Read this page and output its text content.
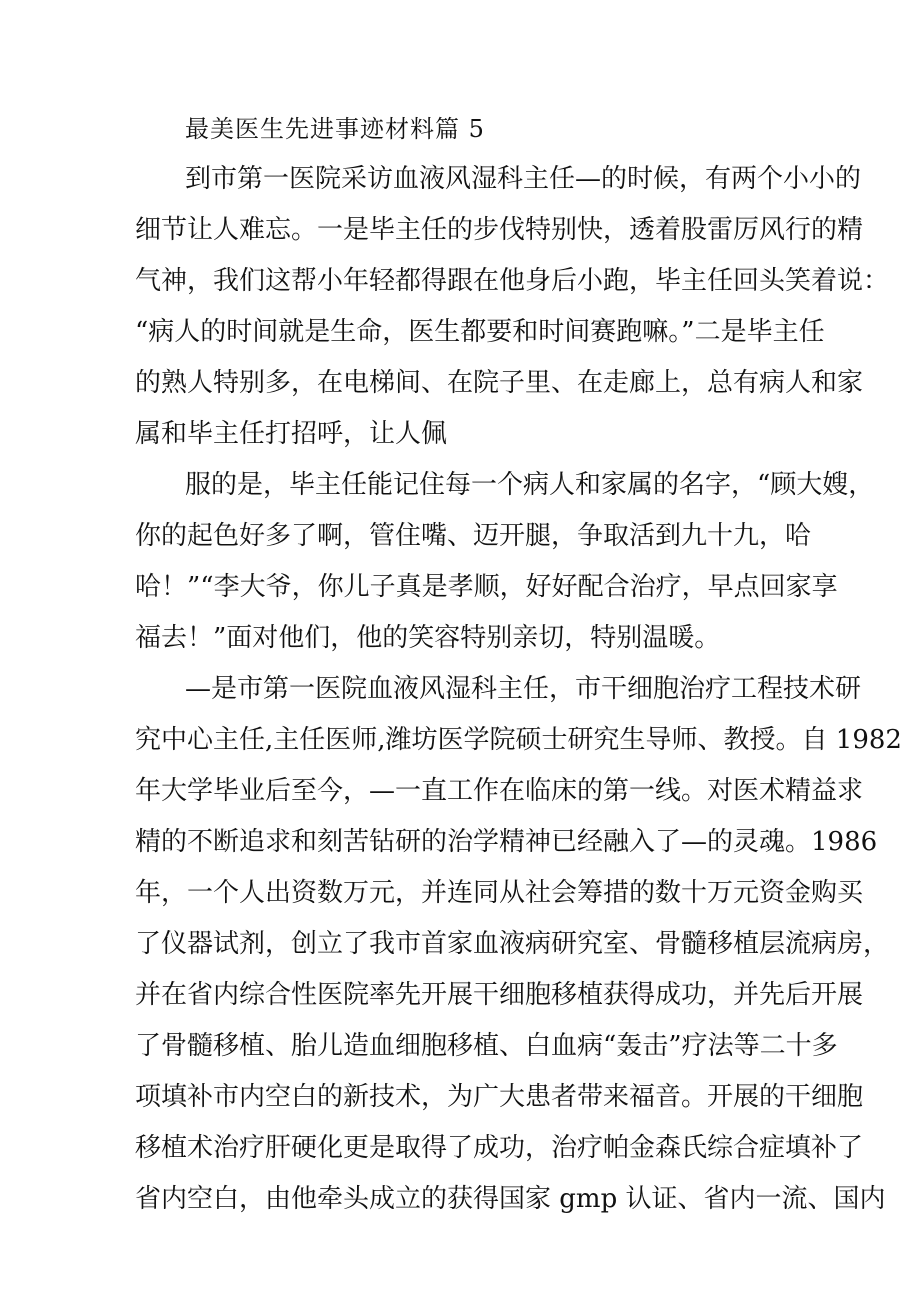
最美医生先进事迹材料篇 5
到市第一医院采访血液风湿科主任—的时候，有两个小小的
细节让人难忘。一是毕主任的步伐特别快，透着股雷厉风行的精
气神，我们这帮小年轻都得跟在他身后小跑，毕主任回头笑着说：
“病人的时间就是生命，医生都要和时间赛跑嘛。”二是毕主任
的熟人特别多，在电梯间、在院子里、在走廊上，总有病人和家
属和毕主任打招呼，让人佩
服的是，毕主任能记住每一个病人和家属的名字，“顾大嫂，
你的起色好多了啊，管住嘴、迈开腿，争取活到九十九，哈
哈！”“李大爷，你儿子真是孝顺，好好配合治疗，早点回家享
福去！”面对他们，他的笑容特别亲切，特别温暖。
—是市第一医院血液风湿科主任，市干细胞治疗工程技术研
究中心主任,主任医师,潍坊医学院硕士研究生导师、教授。自 1982
年大学毕业后至今，—一直工作在临床的第一线。对医术精益求
精的不断追求和刻苦钻研的治学精神已经融入了—的灵魂。1986
年，一个人出资数万元，并连同从社会筹措的数十万元资金购买
了仪器试剂，创立了我市首家血液病研究室、骨髓移植层流病房，
并在省内综合性医院率先开展干细胞移植获得成功，并先后开展
了骨髓移植、胎儿造血细胞移植、白血病“轰击”疗法等二十多
项填补市内空白的新技术，为广大患者带来福音。开展的干细胞
移植术治疗肝硬化更是取得了成功，治疗帕金森氏综合症填补了
省内空白，由他牵头成立的获得国家 gmp 认证、省内一流、国内
